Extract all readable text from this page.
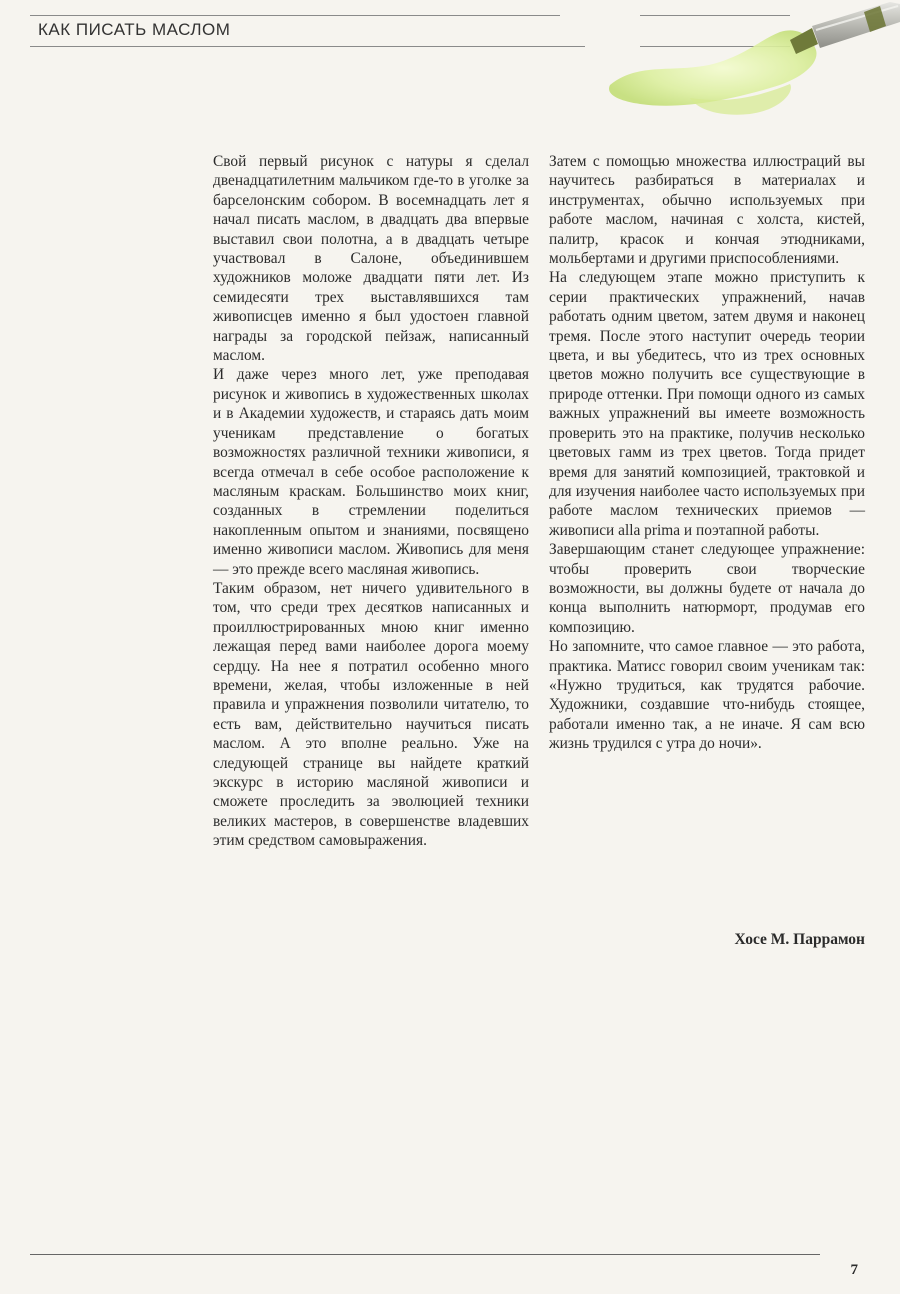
КАК ПИСАТЬ МАСЛОМ

Свой первый рисунок с натуры я сделал двенадцатилетним мальчиком где-то в уголке за барселонским собором. В восемнадцать лет я начал писать маслом, в двадцать два впервые выставил свои полотна, а в двадцать четыре участвовал в Салоне, объединившем художников моложе двадцати пяти лет. Из семидесяти трех выставлявшихся там живописцев именно я был удостоен главной награды за городской пейзаж, написанный маслом.

И даже через много лет, уже преподавая рисунок и живопись в художественных школах и в Академии художеств, и стараясь дать моим ученикам представление о богатых возможностях различной техники живописи, я всегда отмечал в себе особое расположение к масляным краскам. Большинство моих книг, созданных в стремлении поделиться накопленным опытом и знаниями, посвящено именно живописи маслом. Живопись для меня — это прежде всего масляная живопись.

Таким образом, нет ничего удивительного в том, что среди трех десятков написанных и проиллюстрированных мною книг именно лежащая перед вами наиболее дорога моему сердцу. На нее я потратил особенно много времени, желая, чтобы изложенные в ней правила и упражнения позволили читателю, то есть вам, действительно научиться писать маслом. А это вполне реально. Уже на следующей странице вы найдете краткий экскурс в историю масляной живописи и сможете проследить за эволюцией техники великих мастеров, в совершенстве владевших этим средством самовыражения.

Затем с помощью множества иллюстраций вы научитесь разбираться в материалах и инструментах, обычно используемых при работе маслом, начиная с холста, кистей, палитр, красок и кончая этюдниками, мольбертами и другими приспособлениями.

На следующем этапе можно приступить к серии практических упражнений, начав работать одним цветом, затем двумя и наконец тремя. После этого наступит очередь теории цвета, и вы убедитесь, что из трех основных цветов можно получить все существующие в природе оттенки. При помощи одного из самых важных упражнений вы имеете возможность проверить это на практике, получив несколько цветовых гамм из трех цветов. Тогда придет время для занятий композицией, трактовкой и для изучения наиболее часто используемых при работе маслом технических приемов — живописи alla prima и поэтапной работы.

Завершающим станет следующее упражнение: чтобы проверить свои творческие возможности, вы должны будете от начала до конца выполнить натюрморт, продумав его композицию.

Но запомните, что самое главное — это работа, практика. Матисс говорил своим ученикам так: «Нужно трудиться, как трудятся рабочие. Художники, создавшие что-нибудь стоящее, работали именно так, а не иначе. Я сам всю жизнь трудился с утра до ночи».

Хосе М. Паррамон
7
